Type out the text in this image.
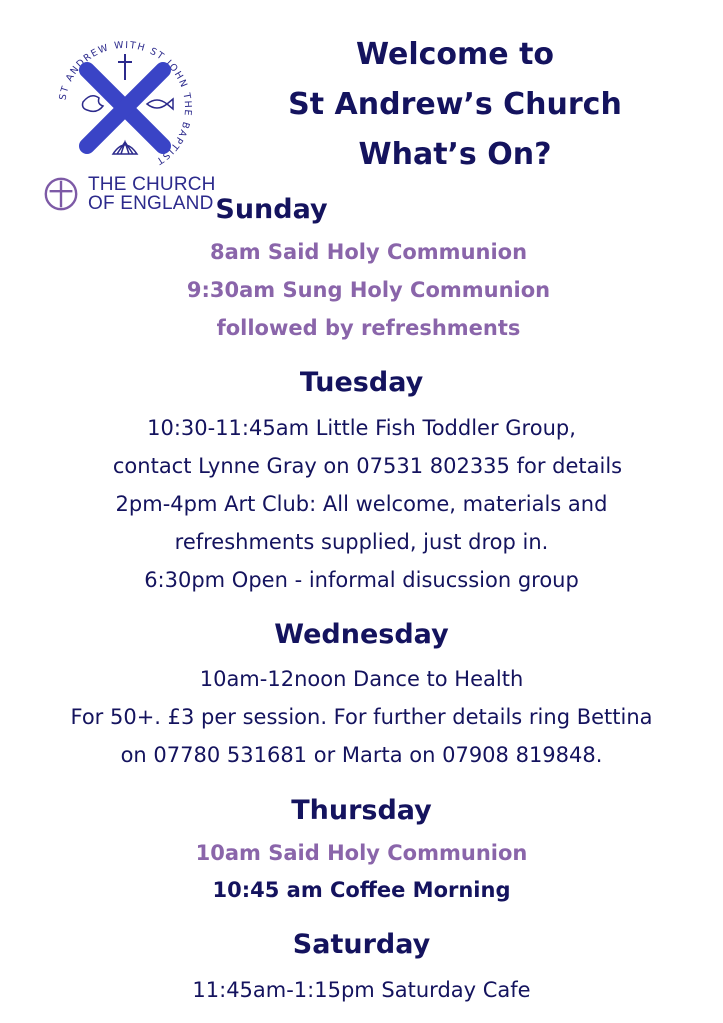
ST ANDREW WITH ST JOHN THE BAPTIST
THE CHURCH
OF ENGLAND
Welcome to
St Andrew’s Church
What’s On?
Sunday
8am Said Holy Communion
9:30am Sung Holy Communion
followed by refreshments
Tuesday
10:30-11:45am Little Fish Toddler Group,
contact Lynne Gray on 07531 802335 for details
2pm-4pm Art Club: All welcome, materials and
refreshments supplied, just drop in.
6:30pm Open - informal disucssion group
Wednesday
10am-12noon Dance to Health
For 50+. £3 per session. For further details ring Bettina
on 07780 531681 or Marta on 07908 819848.
Thursday
10am Said Holy Communion
10:45 am Coffee Morning
Saturday
11:45am-1:15pm Saturday Cafe
